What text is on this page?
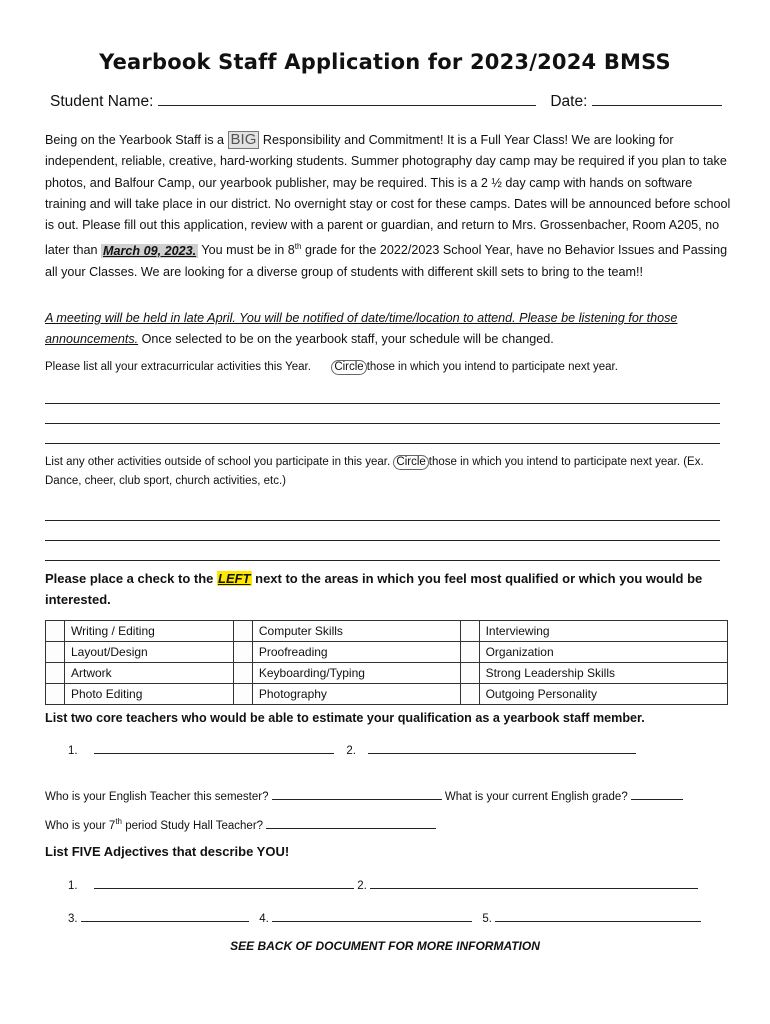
Yearbook Staff Application for 2023/2024 BMSS
Student Name:	Date:
Being on the Yearbook Staff is a BIG Responsibility and Commitment! It is a Full Year Class! We are looking for independent, reliable, creative, hard-working students. Summer photography day camp may be required if you plan to take photos, and Balfour Camp, our yearbook publisher, may be required. This is a 2 ½ day camp with hands on software training and will take place in our district. No overnight stay or cost for these camps. Dates will be announced before school is out. Please fill out this application, review with a parent or guardian, and return to Mrs. Grossenbacher, Room A205, no later than March 09, 2023. You must be in 8th grade for the 2022/2023 School Year, have no Behavior Issues and Passing all your Classes. We are looking for a diverse group of students with different skill sets to bring to the team!!
A meeting will be held in late April. You will be notified of date/time/location to attend. Please be listening for those announcements. Once selected to be on the yearbook staff, your schedule will be changed.
Please list all your extracurricular activities this Year. Circle those in which you intend to participate next year.
List any other activities outside of school you participate in this year. Circle those in which you intend to participate next year. (Ex. Dance, cheer, club sport, church activities, etc.)
Please place a check to the LEFT next to the areas in which you feel most qualified or which you would be interested.
	Writing / Editing		Computer Skills		Interviewing
	Layout/Design		Proofreading		Organization
	Artwork		Keyboarding/Typing		Strong Leadership Skills
	Photo Editing		Photography		Outgoing Personality
List two core teachers who would be able to estimate your qualification as a yearbook staff member.
1.	2.
Who is your English Teacher this semester?	What is your current English grade?
Who is your 7th period Study Hall Teacher?
List FIVE Adjectives that describe YOU!
1.	2.
3.	4.	5.
SEE BACK OF DOCUMENT FOR MORE INFORMATION
